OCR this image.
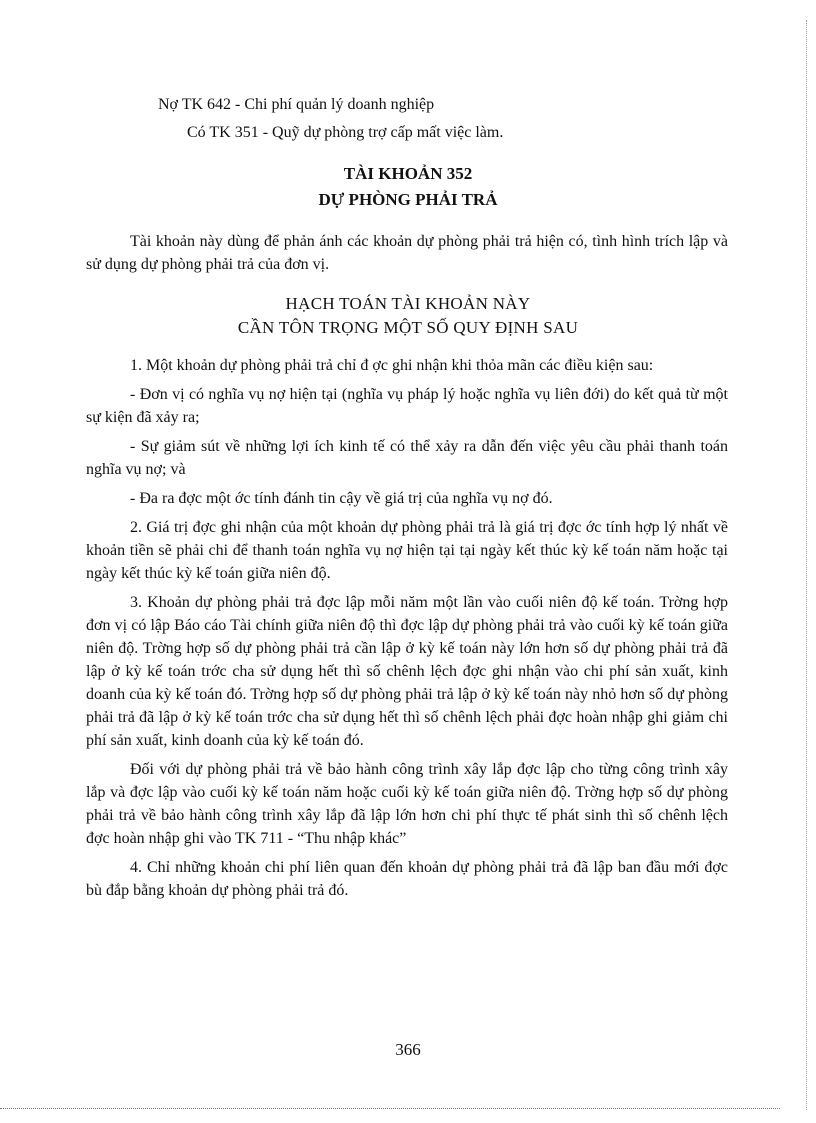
Nợ TK 642 - Chi phí quản lý doanh nghiệp
Có TK 351 - Quỹ dự phòng trợ cấp mất việc làm.
TÀI KHOẢN 352
DỰ PHÒNG PHẢI TRẢ

Tài khoản này dùng để phản ánh các khoản dự phòng phải trả hiện có, tình hình trích lập và sử dụng dự phòng phải trả của đơn vị.

HẠCH TOÁN TÀI KHOẢN NÀY
CẦN TÔN TRỌNG MỘT SỐ QUY ĐỊNH SAU

1. Một khoản dự phòng phải trả chỉ đ ợc ghi nhận khi thỏa mãn các điều kiện sau:

- Đơn vị có nghĩa vụ nợ hiện tại (nghĩa vụ pháp lý hoặc nghĩa vụ liên đới) do kết quả từ một sự kiện đã xảy ra;

- Sự giảm sút về những lợi ích kinh tế có thể xảy ra dẫn đến việc yêu cầu phải thanh toán nghĩa vụ nợ; và

- Đa ra đợc một ớc tính đánh tin cậy về giá trị của nghĩa vụ nợ đó.

2. Giá trị đợc ghi nhận của một khoản dự phòng phải trả là giá trị đợc ớc tính hợp lý nhất về khoản tiền sẽ phải chi để thanh toán nghĩa vụ nợ hiện tại tại ngày kết thúc kỳ kế toán năm hoặc tại ngày kết thúc kỳ kế toán giữa niên độ.

3. Khoản dự phòng phải trả đợc lập mỗi năm một lần vào cuối niên độ kế toán. Trờng hợp đơn vị có lập Báo cáo Tài chính giữa niên độ thì đợc lập dự phòng phải trả vào cuối kỳ kế toán giữa niên độ. Trờng hợp số dự phòng phải trả cần lập ở kỳ kế toán này lớn hơn số dự phòng phải trả đã lập ở kỳ kế toán trớc cha sử dụng hết thì số chênh lệch đợc ghi nhận vào chi phí sản xuất, kinh doanh của kỳ kế toán đó. Trờng hợp số dự phòng phải trả lập ở kỳ kế toán này nhỏ hơn số dự phòng phải trả đã lập ở kỳ kế toán trớc cha sử dụng hết thì số chênh lệch phải đợc hoàn nhập ghi giảm chi phí sản xuất, kinh doanh của kỳ kế toán đó.

Đối với dự phòng phải trả về bảo hành công trình xây lắp đợc lập cho từng công trình xây lắp và đợc lập vào cuối kỳ kế toán năm hoặc cuối kỳ kế toán giữa niên độ. Trờng hợp số dự phòng phải trả về bảo hành công trình xây lắp đã lập lớn hơn chi phí thực tế phát sinh thì số chênh lệch đợc hoàn nhập ghi vào TK 711 - “Thu nhập khác”

4. Chỉ những khoản chi phí liên quan đến khoản dự phòng phải trả đã lập ban đầu mới đợc bù đắp bằng khoản dự phòng phải trả đó.

366
